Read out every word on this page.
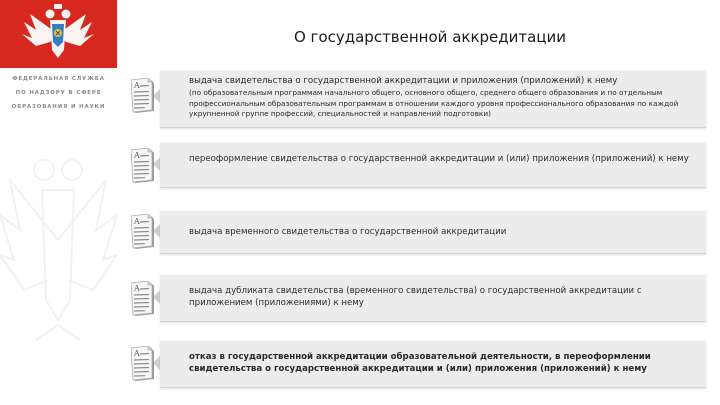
ФЕДЕРАЛЬНАЯ СЛУЖБА
ПО НАДЗОРУ В СФЕРЕ
ОБРАЗОВАНИЯ И НАУКИ
О государственной аккредитации
выдача свидетельства о государственной аккредитации и приложения (приложений) к нему
(по образовательным программам начального общего, основного общего, среднего общего образования и по отдельным профессиональным образовательным программам в отношении каждого уровня профессионального образования по каждой укрупненной группе профессий, специальностей и направлений подготовки)
A
переоформление свидетельства о государственной аккредитации и (или) приложения (приложений) к нему
A
выдача временного свидетельства о государственной аккредитации
A
выдача дубликата свидетельства (временного свидетельства) о государственной аккредитации с приложением (приложениями) к нему
A
отказ в государственной аккредитации образовательной деятельности, в переоформлении свидетельства о государственной аккредитации и (или) приложения (приложений) к нему
A
